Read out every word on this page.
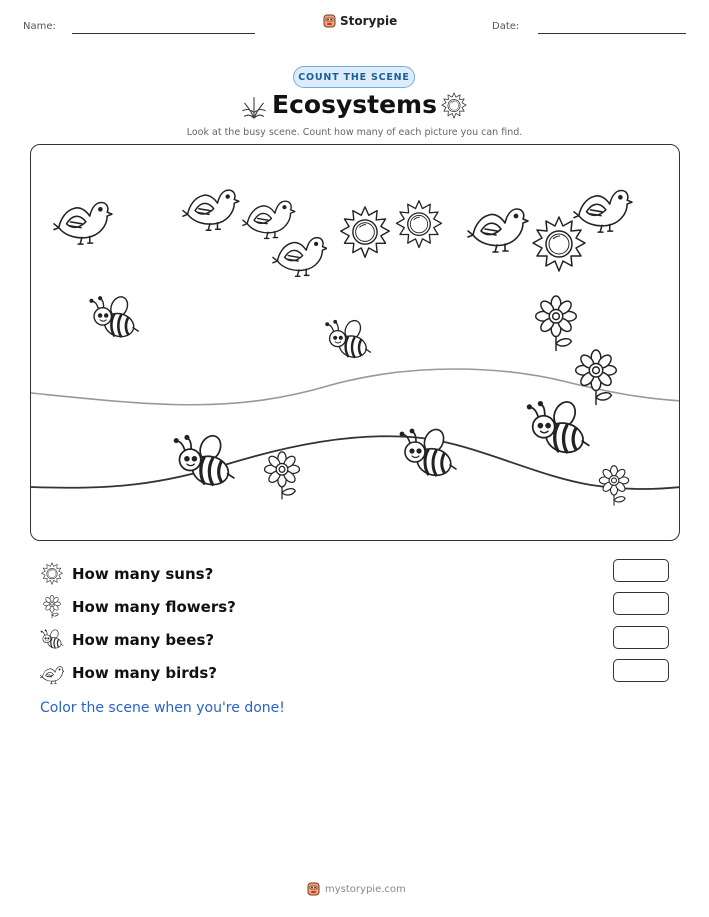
Name:	Storypie	Date:
COUNT THE SCENE
Ecosystems
Look at the busy scene. Count how many of each picture you can find.
How many suns?
How many flowers?
How many bees?
How many birds?
Color the scene when you're done!
mystorypie.com
